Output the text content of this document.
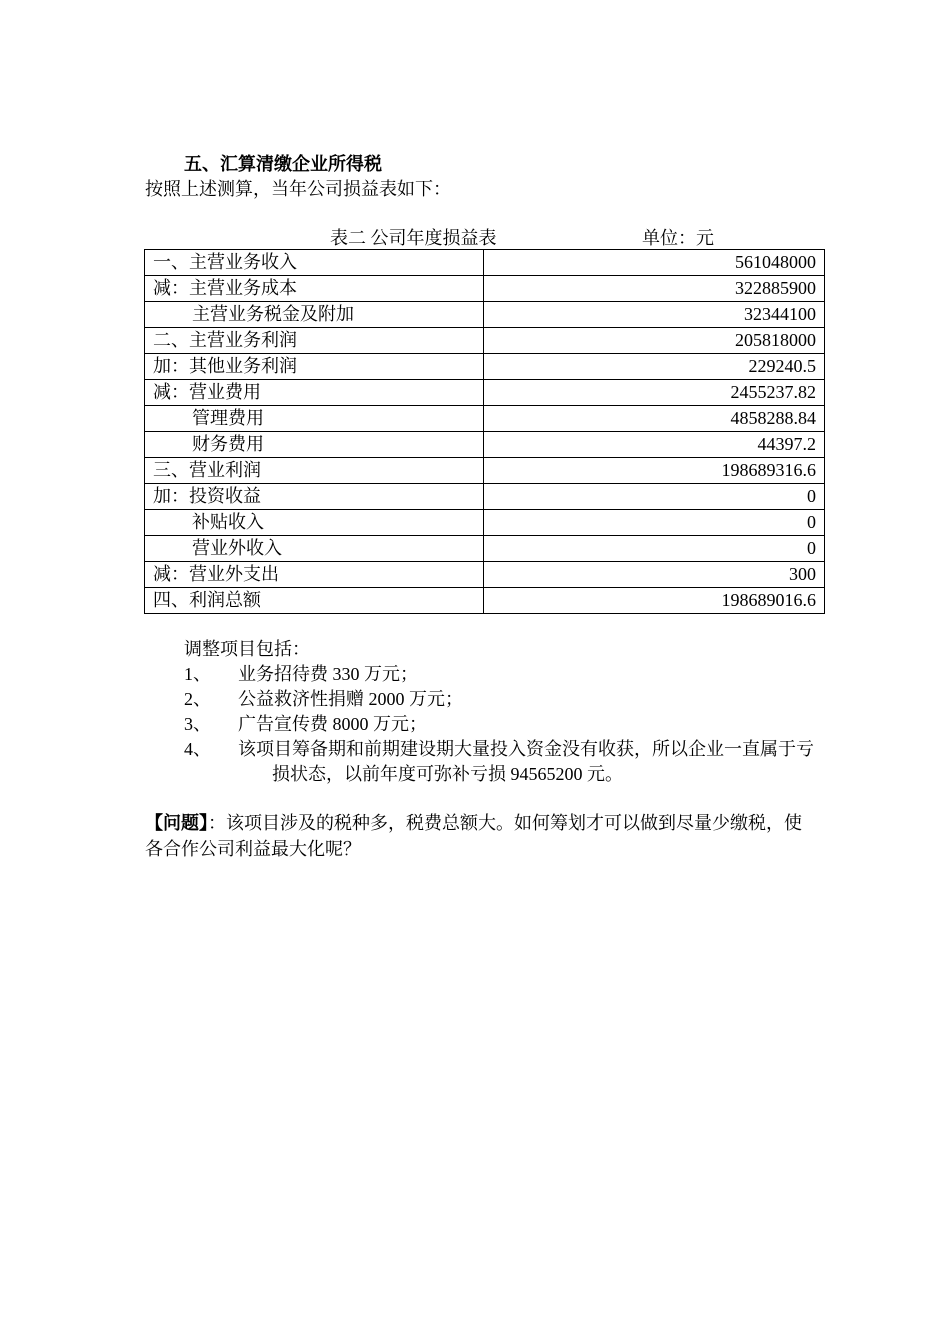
五、汇算清缴企业所得税
按照上述测算，当年公司损益表如下：
表二 公司年度损益表	单位：元
一、主营业务收入	561048000
减：主营业务成本	322885900
主营业务税金及附加	32344100
二、主营业务利润	205818000
加：其他业务利润	229240.5
减：营业费用	2455237.82
管理费用	4858288.84
财务费用	44397.2
三、营业利润	198689316.6
加：投资收益	0
补贴收入	0
营业外收入	0
减：营业外支出	300
四、利润总额	198689016.6
调整项目包括：
1、 业务招待费 330 万元；
2、 公益救济性捐赠 2000 万元；
3、 广告宣传费 8000 万元；
4、 该项目筹备期和前期建设期大量投入资金没有收获，所以企业一直属于亏损状态，以前年度可弥补亏损 94565200 元。
【问题】：该项目涉及的税种多，税费总额大。如何筹划才可以做到尽量少缴税，使各合作公司利益最大化呢？
